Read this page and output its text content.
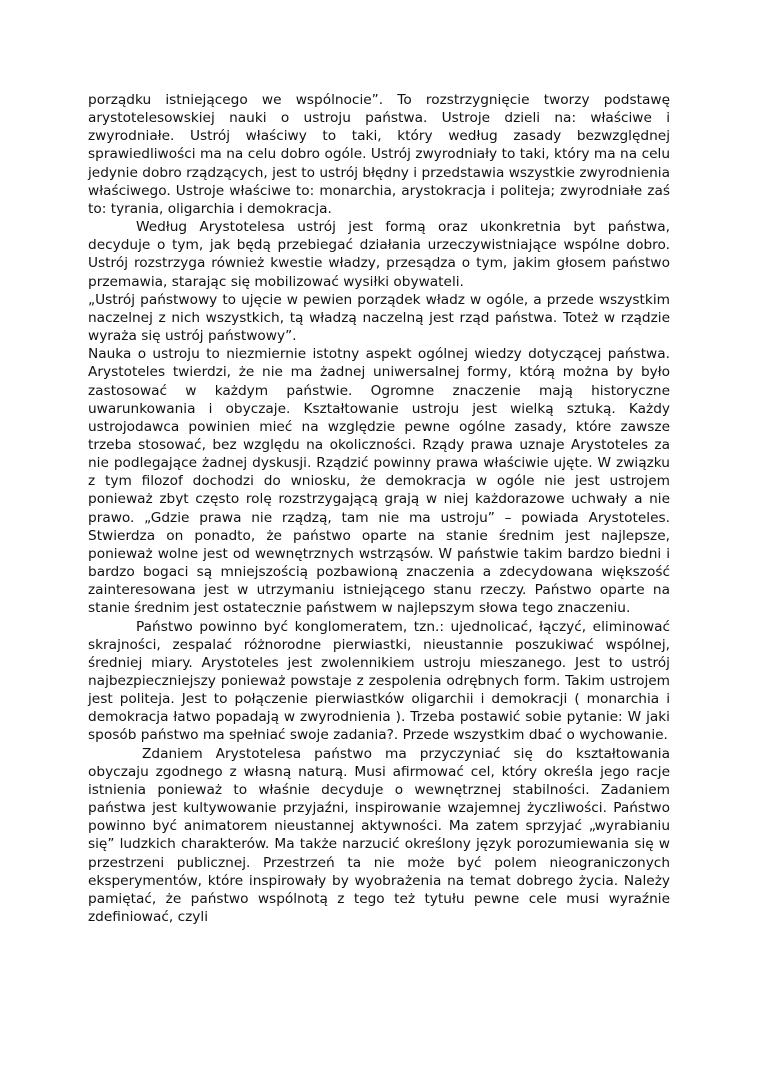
porządku istniejącego we wspólnocie”. To rozstrzygnięcie tworzy podstawę arystotelesowskiej nauki o ustroju państwa. Ustroje dzieli na: właściwe i zwyrodniałe. Ustrój właściwy to taki, który według zasady bezwzględnej sprawiedliwości ma na celu dobro ogóle. Ustrój zwyrodniały to taki, który ma na celu jedynie dobro rządzących, jest to ustrój błędny i przedstawia wszystkie zwyrodnienia właściwego. Ustroje właściwe to: monarchia, arystokracja i politeja; zwyrodniałe zaś to: tyrania, oligarchia i demokracja.

Według Arystotelesa ustrój jest formą oraz ukonkretnia byt państwa, decyduje o tym, jak będą przebiegać działania urzeczywistniające wspólne dobro. Ustrój rozstrzyga również kwestie władzy, przesądza o tym, jakim głosem państwo przemawia, starając się mobilizować wysiłki obywateli.

„Ustrój państwowy to ujęcie w pewien porządek władz w ogóle, a przede wszystkim naczelnej z nich wszystkich, tą władzą naczelną jest rząd państwa. Toteż w rządzie wyraża się ustrój państwowy”.

Nauka o ustroju to niezmiernie istotny aspekt ogólnej wiedzy dotyczącej państwa. Arystoteles twierdzi, że nie ma żadnej uniwersalnej formy, którą można by było zastosować w każdym państwie. Ogromne znaczenie mają historyczne uwarunkowania i obyczaje. Kształtowanie ustroju jest wielką sztuką. Każdy ustrojodawca powinien mieć na względzie pewne ogólne zasady, które zawsze trzeba stosować, bez względu na okoliczności. Rządy prawa uznaje Arystoteles za nie podlegające żadnej dyskusji. Rządzić powinny prawa właściwie ujęte. W związku z tym filozof dochodzi do wniosku, że demokracja w ogóle nie jest ustrojem ponieważ zbyt często rolę rozstrzygającą grają w niej każdorazowe uchwały a nie prawo. „Gdzie prawa nie rządzą, tam nie ma ustroju” – powiada Arystoteles. Stwierdza on ponadto, że państwo oparte na stanie średnim jest najlepsze, ponieważ wolne jest od wewnętrznych wstrząsów. W państwie takim bardzo biedni i bardzo bogaci są mniejszością pozbawioną znaczenia a zdecydowana większość zainteresowana jest w utrzymaniu istniejącego stanu rzeczy. Państwo oparte na stanie średnim jest ostatecznie państwem w najlepszym słowa tego znaczeniu.

Państwo powinno być konglomeratem, tzn.: ujednolicać, łączyć, eliminować skrajności, zespalać różnorodne pierwiastki, nieustannie poszukiwać wspólnej, średniej miary. Arystoteles jest zwolennikiem ustroju mieszanego. Jest to ustrój najbezpieczniejszy ponieważ powstaje z zespolenia odrębnych form. Takim ustrojem jest politeja. Jest to połączenie pierwiastków oligarchii i demokracji ( monarchia i demokracja łatwo popadają w zwyrodnienia ). Trzeba postawić sobie pytanie: W jaki sposób państwo ma spełniać swoje zadania?. Przede wszystkim dbać o wychowanie.

Zdaniem Arystotelesa państwo ma przyczyniać się do kształtowania obyczaju zgodnego z własną naturą. Musi afirmować cel, który określa jego racje istnienia ponieważ to właśnie decyduje o wewnętrznej stabilności. Zadaniem państwa jest kultywowanie przyjaźni, inspirowanie wzajemnej życzliwości. Państwo powinno być animatorem nieustannej aktywności. Ma zatem sprzyjać „wyrabianiu się” ludzkich charakterów. Ma także narzucić określony język porozumiewania się w przestrzeni publicznej. Przestrzeń ta nie może być polem nieograniczonych eksperymentów, które inspirowały by wyobrażenia na temat dobrego życia. Należy pamiętać, że państwo wspólnotą z tego też tytułu pewne cele musi wyraźnie zdefiniować, czyli
